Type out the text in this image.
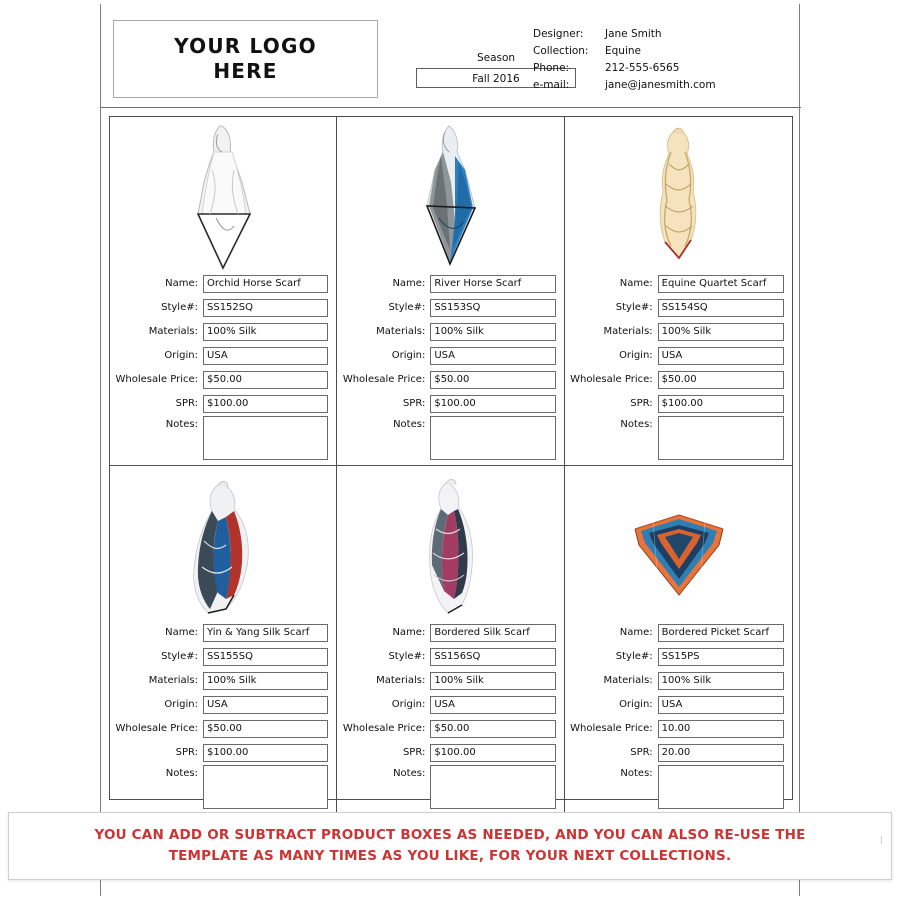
YOUR LOGO
HERE
Season
Fall 2016
Designer:	Jane Smith
Collection:	Equine
Phone:	212-555-6565
e-mail:	jane@janesmith.com
Name: Orchid Horse Scarf
Style#: SS152SQ
Materials: 100% Silk
Origin: USA
Wholesale Price: $50.00
SPR: $100.00
Notes:
Name: River Horse Scarf
Style#: SS153SQ
Materials: 100% Silk
Origin: USA
Wholesale Price: $50.00
SPR: $100.00
Notes:
Name: Equine Quartet Scarf
Style#: SS154SQ
Materials: 100% Silk
Origin: USA
Wholesale Price: $50.00
SPR: $100.00
Notes:
Name: Yin & Yang Silk Scarf
Style#: SS155SQ
Materials: 100% Silk
Origin: USA
Wholesale Price: $50.00
SPR: $100.00
Notes:
Name: Bordered Silk Scarf
Style#: SS156SQ
Materials: 100% Silk
Origin: USA
Wholesale Price: $50.00
SPR: $100.00
Notes:
Name: Bordered Picket Scarf
Style#: SS15PS
Materials: 100% Silk
Origin: USA
Wholesale Price: 10.00
SPR: 20.00
Notes:
YOU CAN ADD OR SUBTRACT PRODUCT BOXES AS NEEDED, AND YOU CAN ALSO RE-USE THE
TEMPLATE AS MANY TIMES AS YOU LIKE, FOR YOUR NEXT COLLECTIONS.
|
